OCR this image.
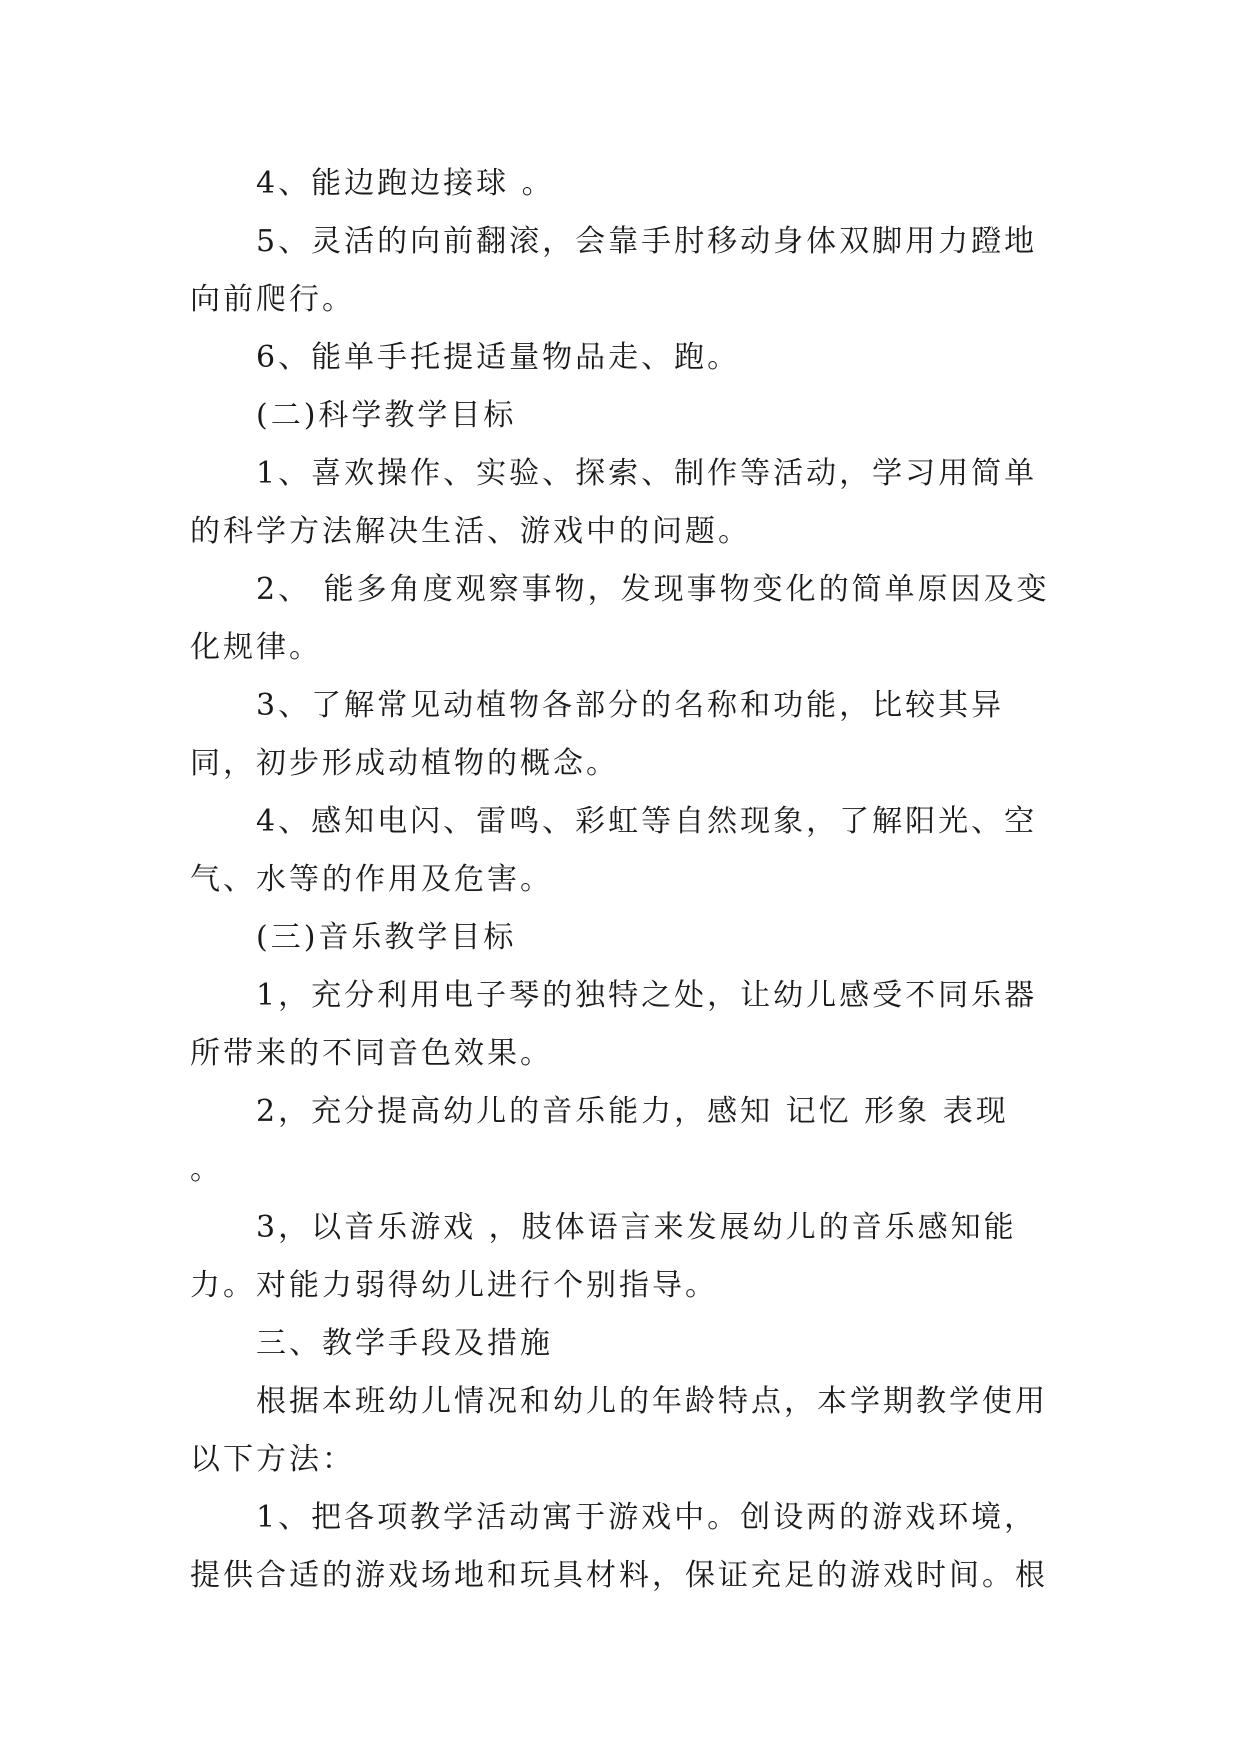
4、能边跑边接球 。

5、灵活的向前翻滚，会靠手肘移动身体双脚用力蹬地向前爬行。

6、能单手托提适量物品走、跑。

(二)科学教学目标

1、喜欢操作、实验、探索、制作等活动，学习用简单的科学方法解决生活、游戏中的问题。

2、 能多角度观察事物，发现事物变化的简单原因及变化规律。

3、了解常见动植物各部分的名称和功能，比较其异同，初步形成动植物的概念。

4、感知电闪、雷鸣、彩虹等自然现象，了解阳光、空气、水等的作用及危害。

(三)音乐教学目标

1，充分利用电子琴的独特之处，让幼儿感受不同乐器所带来的不同音色效果。

2，充分提高幼儿的音乐能力，感知 记忆 形象 表现 。

3，以音乐游戏 ，肢体语言来发展幼儿的音乐感知能力。对能力弱得幼儿进行个别指导。

三、教学手段及措施

根据本班幼儿情况和幼儿的年龄特点，本学期教学使用以下方法：

1、把各项教学活动寓于游戏中。创设两的游戏环境，提供合适的游戏场地和玩具材料，保证充足的游戏时间。根
